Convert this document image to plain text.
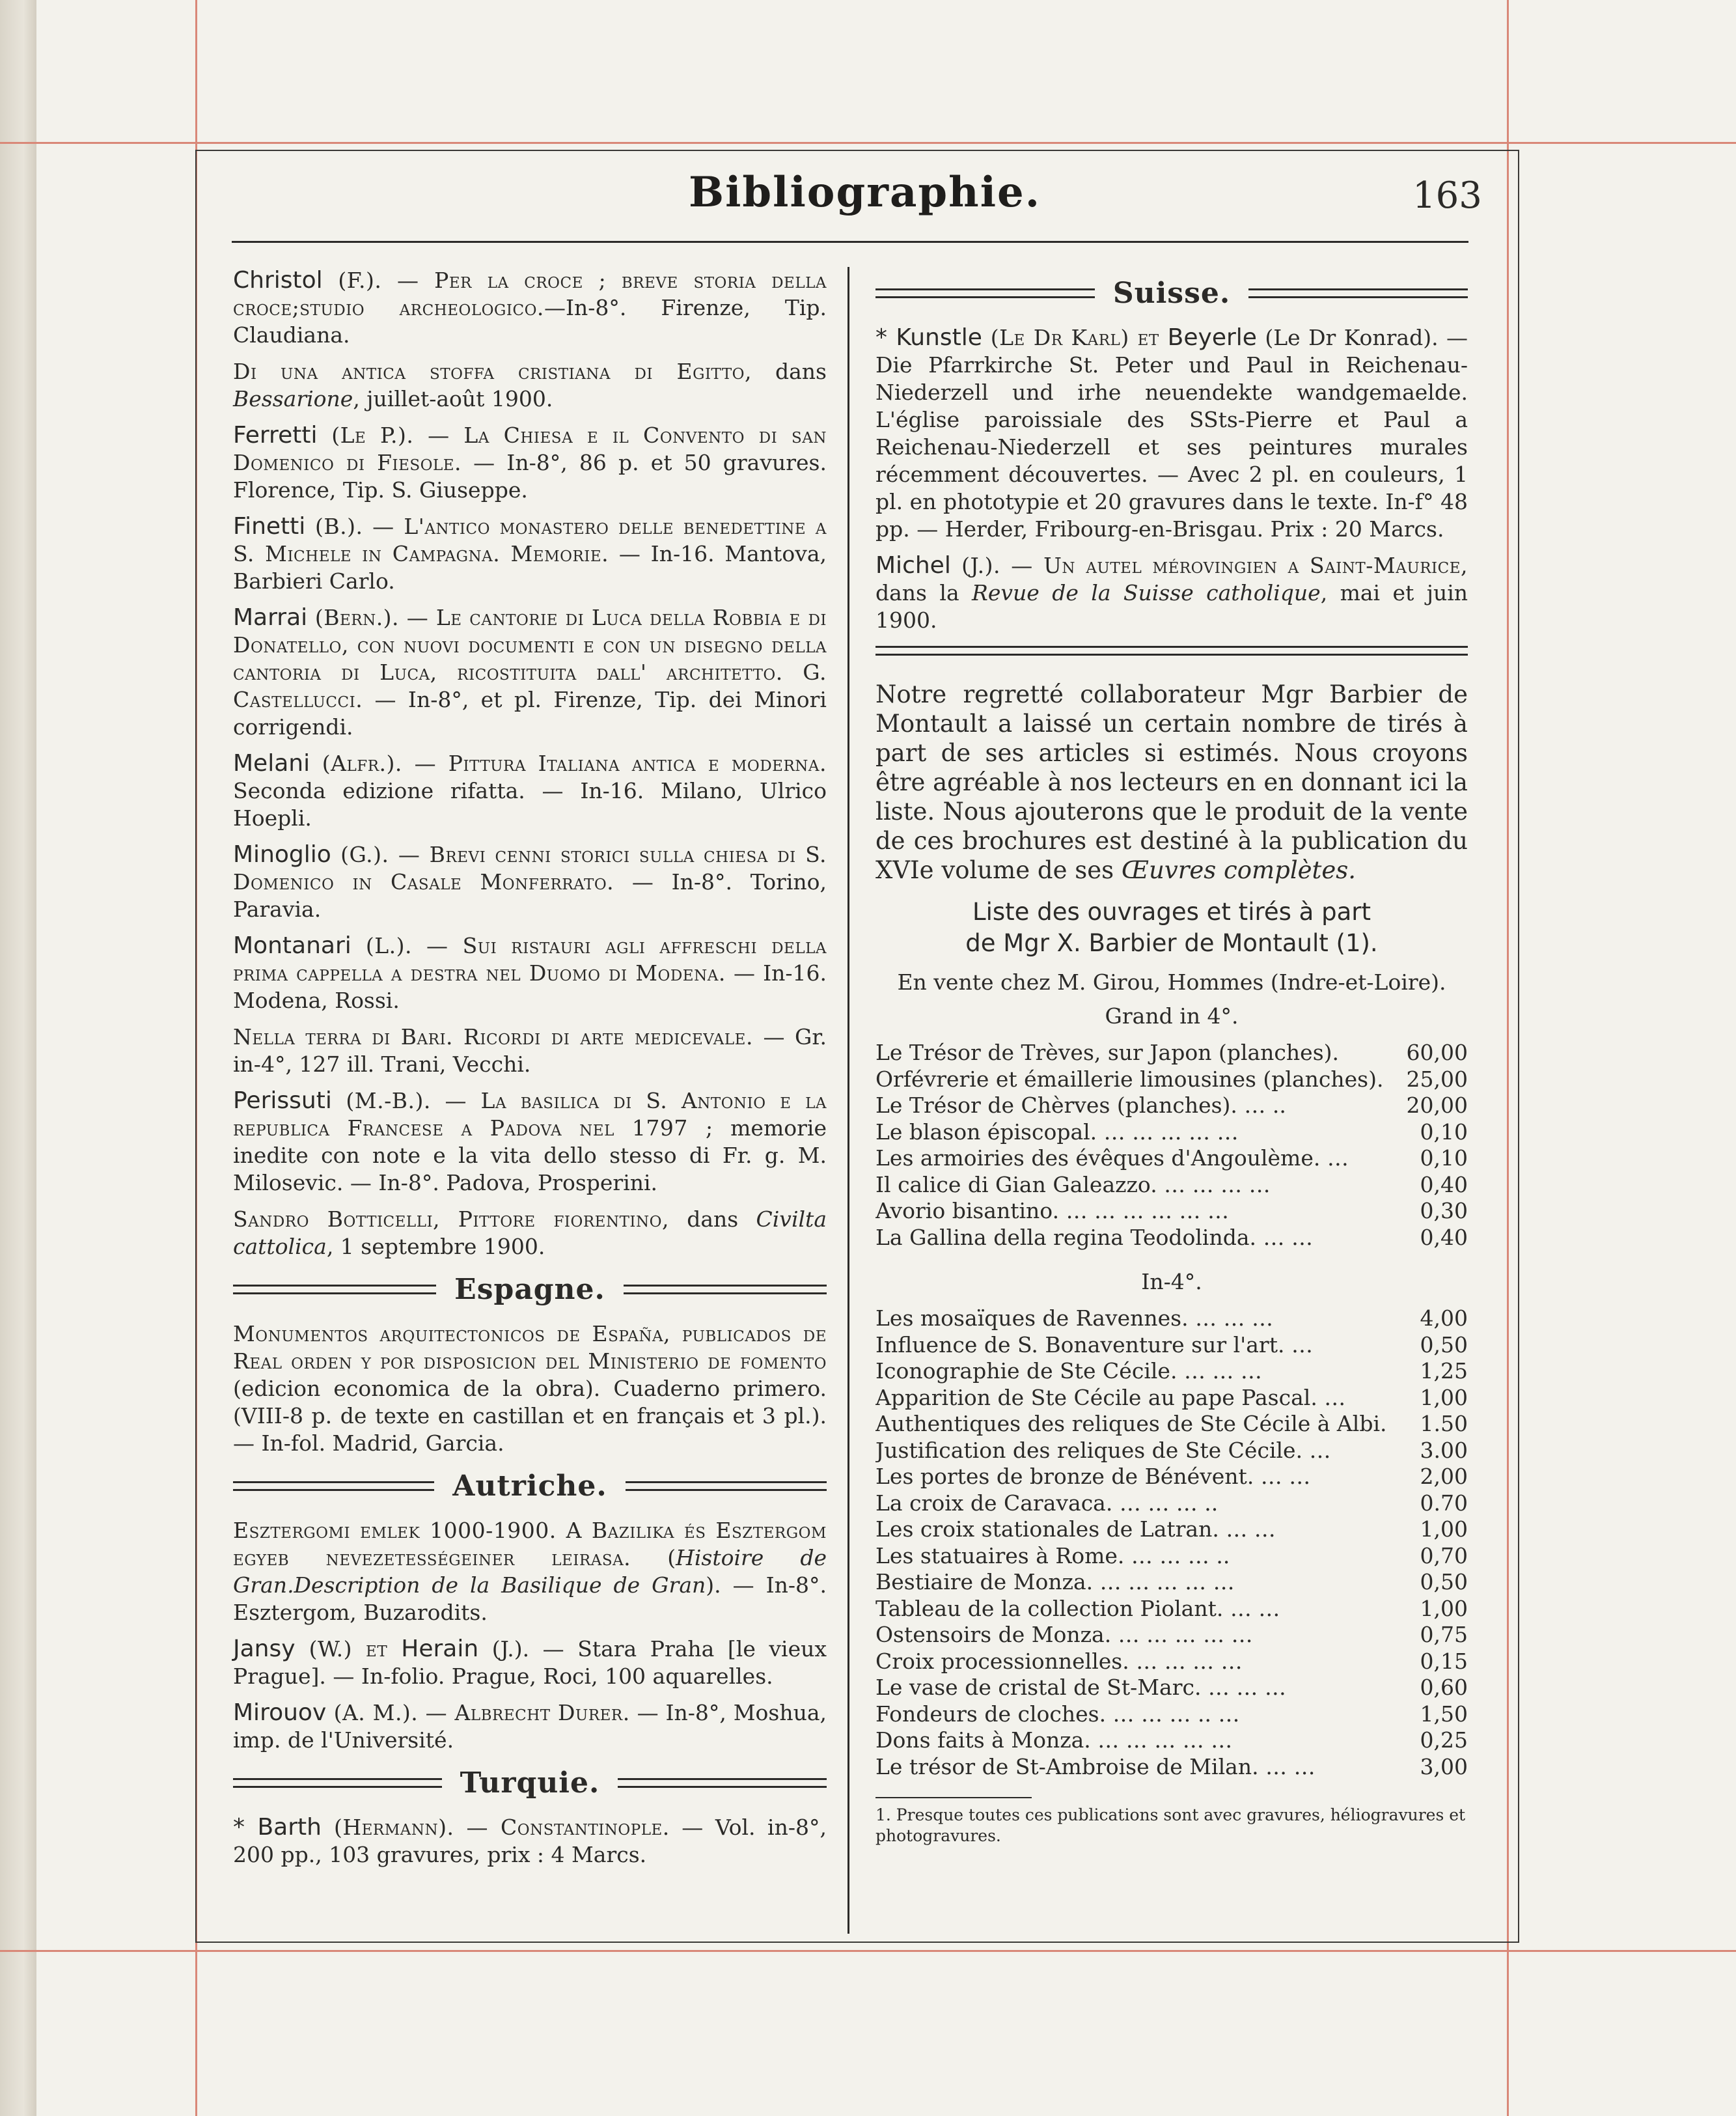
Bibliographie.	163

Christol (F.). — Per la croce ; breve storia della croce;studio archeologico.—In-8°. Firenze, Tip. Claudiana.

Di una antica stoffa cristiana di Egitto, dans Bessarione, juillet-août 1900.

Ferretti (Le P.). — La Chiesa e il Convento di san Domenico di Fiesole. — In-8°, 86 p. et 50 gravures. Florence, Tip. S. Giuseppe.

Finetti (B.). — L'antico monastero delle benedettine a S. Michele in Campagna. Memorie. — In-16. Mantova, Barbieri Carlo.

Marrai (Bern.). — Le cantorie di Luca della Robbia e di Donatello, con nuovi documenti e con un disegno della cantoria di Luca, ricostituita dall' architetto. G. Castellucci. — In-8°, et pl. Firenze, Tip. dei Minori corrigendi.

Melani (Alfr.). — Pittura Italiana antica e moderna. Seconda edizione rifatta. — In-16. Milano, Ulrico Hoepli.

Minoglio (G.). — Brevi cenni storici sulla chiesa di S. Domenico in Casale Monferrato. — In-8°. Torino, Paravia.

Montanari (L.). — Sui ristauri agli affreschi della prima cappella a destra nel Duomo di Modena. — In-16. Modena, Rossi.

Nella terra di Bari. Ricordi di arte medicevale. — Gr. in-4°, 127 ill. Trani, Vecchi.

Perissuti (M.-B.). — La basilica di S. Antonio e la republica Francese a Padova nel 1797 ; memorie inedite con note e la vita dello stesso di Fr. g. M. Milosevic. — In-8°. Padova, Prosperini.

Sandro Botticelli, Pittore fiorentino, dans Civilta cattolica, 1 septembre 1900.

Espagne.

Monumentos arquitectonicos de España, publicados de Real orden y por disposicion del Ministerio de fomento (edicion economica de la obra). Cuaderno primero. (VIII-8 p. de texte en castillan et en français et 3 pl.). — In-fol. Madrid, Garcia.

Autriche.

Esztergomi emlek 1000-1900. A Bazilika és Esztergom egyeb nevezetességeiner leirasa. (Histoire de Gran.Description de la Basilique de Gran). — In-8°. Esztergom, Buzarodits.

Jansy (W.) et Herain (J.). — Stara Praha [le vieux Prague]. — In-folio. Prague, Roci, 100 aquarelles.

Mirouov (A. M.). — Albrecht Durer. — In-8°, Moshua, imp. de l'Université.

Turquie.

* Barth (Hermann). — Constantinople. — Vol. in-8°, 200 pp., 103 gravures, prix : 4 Marcs.

Suisse.

* Kunstle (Le Dr Karl) et Beyerle (Le Dr Konrad). — Die Pfarrkirche St. Peter und Paul in Reichenau-Niederzell und irhe neuendekte wandgemaelde. L'église paroissiale des SSts-Pierre et Paul a Reichenau-Niederzell et ses peintures murales récemment découvertes. — Avec 2 pl. en couleurs, 1 pl. en phototypie et 20 gravures dans le texte. In-f° 48 pp. — Herder, Fribourg-en-Brisgau. Prix : 20 Marcs.

Michel (J.). — Un autel mérovingien a Saint-Maurice, dans la Revue de la Suisse catholique, mai et juin 1900.

Notre regretté collaborateur Mgr Barbier de Montault a laissé un certain nombre de tirés à part de ses articles si estimés. Nous croyons être agréable à nos lecteurs en en donnant ici la liste. Nous ajouterons que le produit de la vente de ces brochures est destiné à la publication du XVIe volume de ses Œuvres complètes.

Liste des ouvrages et tirés à part
de Mgr X. Barbier de Montault (1).
En vente chez M. Girou, Hommes (Indre-et-Loire).
Grand in 4°.
Le Trésor de Trèves, sur Japon (planches).	60,00
Orfévrerie et émaillerie limousines (planches).	25,00
Le Trésor de Chèrves (planches). … ..	20,00
Le blason épiscopal. … … … … …	0,10
Les armoiries des évêques d'Angoulème. …	0,10
Il calice di Gian Galeazzo. … … … …	0,40
Avorio bisantino. … … … … … …	0,30
La Gallina della regina Teodolinda. … …	0,40
In-4°.
Les mosaïques de Ravennes. … … …	4,00
Influence de S. Bonaventure sur l'art. …	0,50
Iconographie de Ste Cécile. … … …	1,25
Apparition de Ste Cécile au pape Pascal. …	1,00
Authentiques des reliques de Ste Cécile à Albi.	1.50
Justification des reliques de Ste Cécile. …	3.00
Les portes de bronze de Bénévent. … …	2,00
La croix de Caravaca. … … … ..	0.70
Les croix stationales de Latran. … …	1,00
Les statuaires à Rome. … … … ..	0,70
Bestiaire de Monza. … … … … …	0,50
Tableau de la collection Piolant. … …	1,00
Ostensoirs de Monza. … … … … …	0,75
Croix processionnelles. … … … …	0,15
Le vase de cristal de St-Marc. … … …	0,60
Fondeurs de cloches. … … … .. …	1,50
Dons faits à Monza. … … … … …	0,25
Le trésor de St-Ambroise de Milan. … …	3,00
1. Presque toutes ces publications sont avec gravures, héliogravures et photogravures.
